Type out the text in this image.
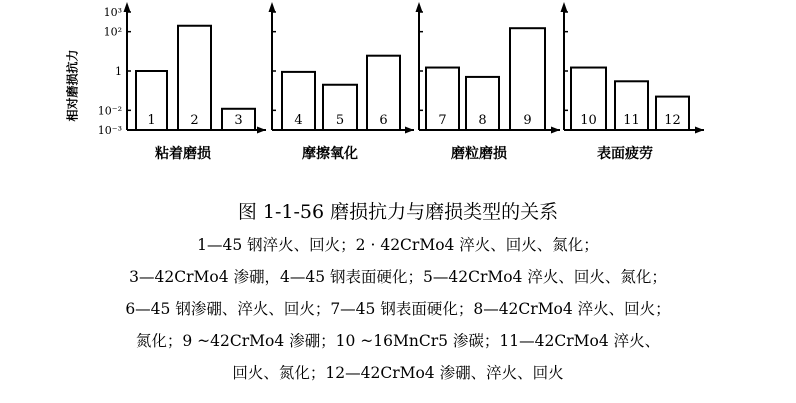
10⁻³
10⁻²
1
10²
10³
1	2	3
粘着磨损
4	5	6
摩擦氧化
7 8	9
磨粒磨损
10 11 12
表面疲劳
相对磨损抗力
图 1-1-56 磨损抗力与磨损类型的关系
1—45 钢淬火、回火；2 · 42CrMo4 淬火、回火、氮化；
3—42CrMo4 渗硼，4—45 钢表面硬化；5—42CrMo4 淬火、回火、氮化；
6—45 钢渗硼、淬火、回火；7—45 钢表面硬化；8—42CrMo4 淬火、回火；
氮化；9 ~42CrMo4 渗硼；10 ~16MnCr5 渗碳；11—42CrMo4 淬火、
回火、氮化；12—42CrMo4 渗硼、淬火、回火
